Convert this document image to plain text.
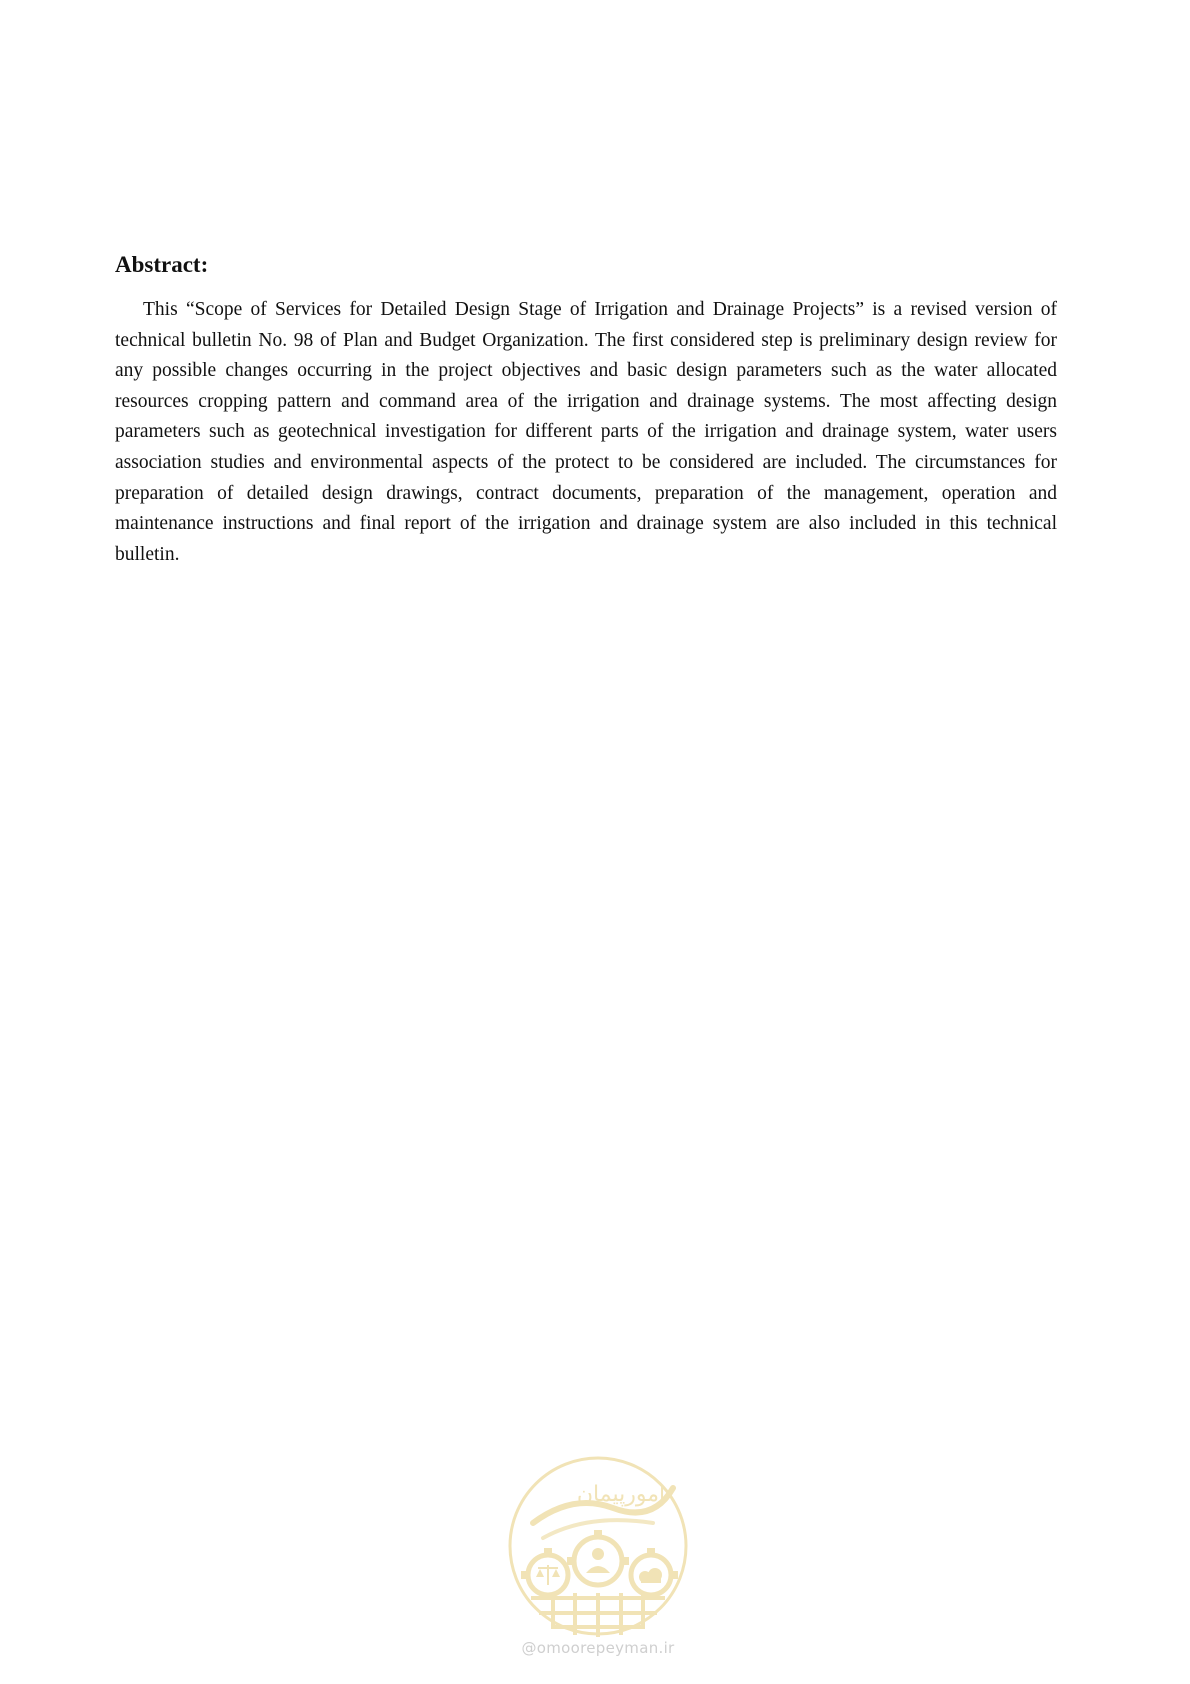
Abstract:

This “Scope of Services for Detailed Design Stage of Irrigation and Drainage Projects” is a revised version of technical bulletin No. 98 of Plan and Budget Organization. The first considered step is preliminary design review for any possible changes occurring in the project objectives and basic design parameters such as the water allocated resources cropping pattern and command area of the irrigation and drainage systems. The most affecting design parameters such as geotechnical investigation for different parts of the irrigation and drainage system, water users association studies and environmental aspects of the protect to be considered are included. The circumstances for preparation of detailed design drawings, contract documents, preparation of the management, operation and maintenance instructions and final report of the irrigation and drainage system are also included in this technical bulletin.

امورپیمان
@omoorepeyman.ir
